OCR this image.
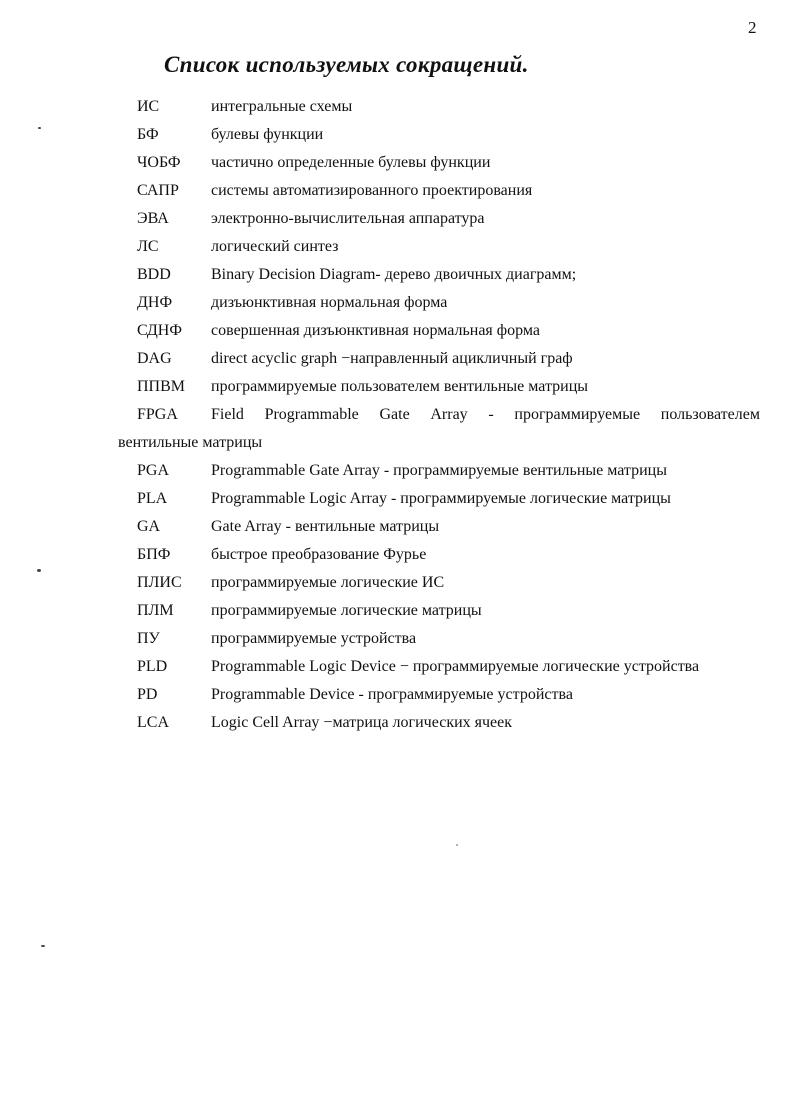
2
Список используемых сокращений.
ИС	интегральные схемы
БФ	булевы функции
ЧОБФ частично определенные булевы функции
САПР системы автоматизированного проектирования
ЭВА	электронно-вычислительная аппаратура
ЛС	логический синтез
BDD	Binary Decision Diagram- дерево двоичных диаграмм;
ДНФ дизъюнктивная нормальная форма
СДНФ совершенная дизъюнктивная нормальная форма
DAG direct acyclic graph −направленный ацикличный граф
ППВМ программируемые пользователем вентильные матрицы
FPGA Field Programmable Gate Array - программируемые пользователем
вентильные матрицы
PGA	Programmable Gate Array - программируемые вентильные матрицы
PLA	Programmable Logic Array - программируемые логические матрицы
GA	Gate Array - вентильные матрицы
БПФ	быстрое преобразование Фурье
ПЛИС программируемые логические ИС
ПЛМ программируемые логические матрицы
ПУ	программируемые устройства
PLD	Programmable Logic Device − программируемые логические устройства
PD	Programmable Device - программируемые устройства
LCA	Logic Cell Array −матрица логических ячеек
